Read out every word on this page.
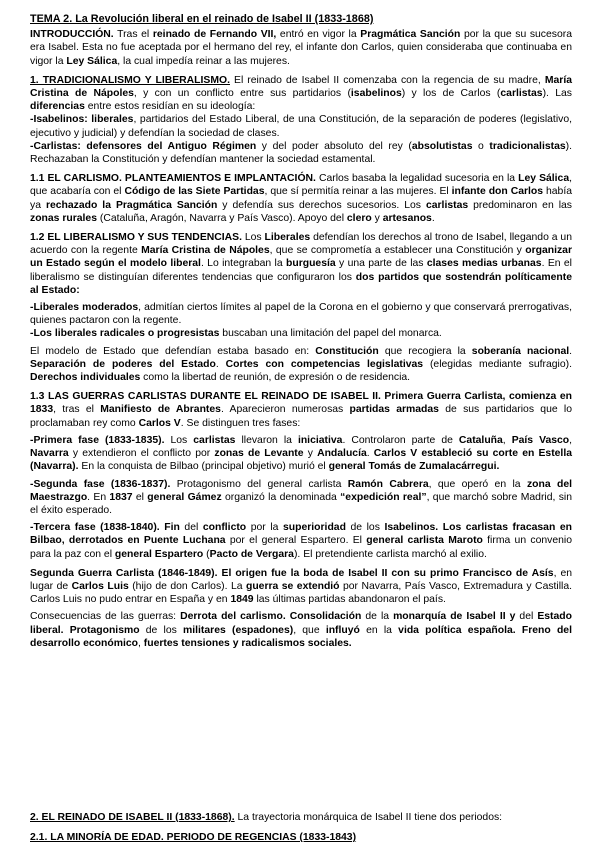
TEMA 2. La Revolución liberal en el reinado de Isabel II (1833-1868)

INTRODUCCIÓN. Tras el reinado de Fernando VII, entró en vigor la Pragmática Sanción por la que su sucesora era Isabel. Esta no fue aceptada por el hermano del rey, el infante don Carlos, quien consideraba que continuaba en vigor la Ley Sálica, la cual impedía reinar a las mujeres.

1. TRADICIONALISMO Y LIBERALISMO. El reinado de Isabel II comenzaba con la regencia de su madre, María Cristina de Nápoles, y con un conflicto entre sus partidarios (isabelinos) y los de Carlos (carlistas). Las diferencias entre estos residían en su ideología:

-Isabelinos: liberales, partidarios del Estado Liberal, de una Constitución, de la separación de poderes (legislativo, ejecutivo y judicial) y defendían la sociedad de clases.

-Carlistas: defensores del Antiguo Régimen y del poder absoluto del rey (absolutistas o tradicionalistas). Rechazaban la Constitución y defendían mantener la sociedad estamental.

1.1 EL CARLISMO. PLANTEAMIENTOS E IMPLANTACIÓN. Carlos basaba la legalidad sucesoria en la Ley Sálica, que acabaría con el Código de las Siete Partidas, que sí permitía reinar a las mujeres. El infante don Carlos había ya rechazado la Pragmática Sanción y defendía sus derechos sucesorios. Los carlistas predominaron en las zonas rurales (Cataluña, Aragón, Navarra y País Vasco). Apoyo del clero y artesanos.

1.2 EL LIBERALISMO Y SUS TENDENCIAS. Los Liberales defendían los derechos al trono de Isabel, llegando a un acuerdo con la regente María Cristina de Nápoles, que se comprometía a establecer una Constitución y organizar un Estado según el modelo liberal. Lo integraban la burguesía y una parte de las clases medias urbanas. En el liberalismo se distinguían diferentes tendencias que configuraron los dos partidos que sostendrán políticamente al Estado:

-Liberales moderados, admitían ciertos límites al papel de la Corona en el gobierno y que conservará prerrogativas, quienes pactaron con la regente.

-Los liberales radicales o progresistas buscaban una limitación del papel del monarca.

El modelo de Estado que defendían estaba basado en: Constitución que recogiera la soberanía nacional. Separación de poderes del Estado. Cortes con competencias legislativas (elegidas mediante sufragio). Derechos individuales como la libertad de reunión, de expresión o de residencia.

1.3 LAS GUERRAS CARLISTAS DURANTE EL REINADO DE ISABEL II. Primera Guerra Carlista, comienza en 1833, tras el Manifiesto de Abrantes. Aparecieron numerosas partidas armadas de sus partidarios que lo proclamaban rey como Carlos V. Se distinguen tres fases:

-Primera fase (1833-1835). Los carlistas llevaron la iniciativa. Controlaron parte de Cataluña, País Vasco, Navarra y extendieron el conflicto por zonas de Levante y Andalucía. Carlos V estableció su corte en Estella (Navarra). En la conquista de Bilbao (principal objetivo) murió el general Tomás de Zumalacárregui.

-Segunda fase (1836-1837). Protagonismo del general carlista Ramón Cabrera, que operó en la zona del Maestrazgo. En 1837 el general Gámez organizó la denominada “expedición real”, que marchó sobre Madrid, sin el éxito esperado.

-Tercera fase (1838-1840). Fin del conflicto por la superioridad de los Isabelinos. Los carlistas fracasan en Bilbao, derrotados en Puente Luchana por el general Espartero. El general carlista Maroto firma un convenio para la paz con el general Espartero (Pacto de Vergara). El pretendiente carlista marchó al exilio.

Segunda Guerra Carlista (1846-1849). El origen fue la boda de Isabel II con su primo Francisco de Asís, en lugar de Carlos Luis (hijo de don Carlos). La guerra se extendió por Navarra, País Vasco, Extremadura y Castilla. Carlos Luis no pudo entrar en España y en 1849 las últimas partidas abandonaron el país.

Consecuencias de las guerras: Derrota del carlismo. Consolidación de la monarquía de Isabel II y del Estado liberal. Protagonismo de los militares (espadones), que influyó en la vida política española. Freno del desarrollo económico, fuertes tensiones y radicalismos sociales.

2. EL REINADO DE ISABEL II (1833-1868). La trayectoria monárquica de Isabel II tiene dos periodos:

2.1. LA MINORÍA DE EDAD. PERIODO DE REGENCIAS (1833-1843)
